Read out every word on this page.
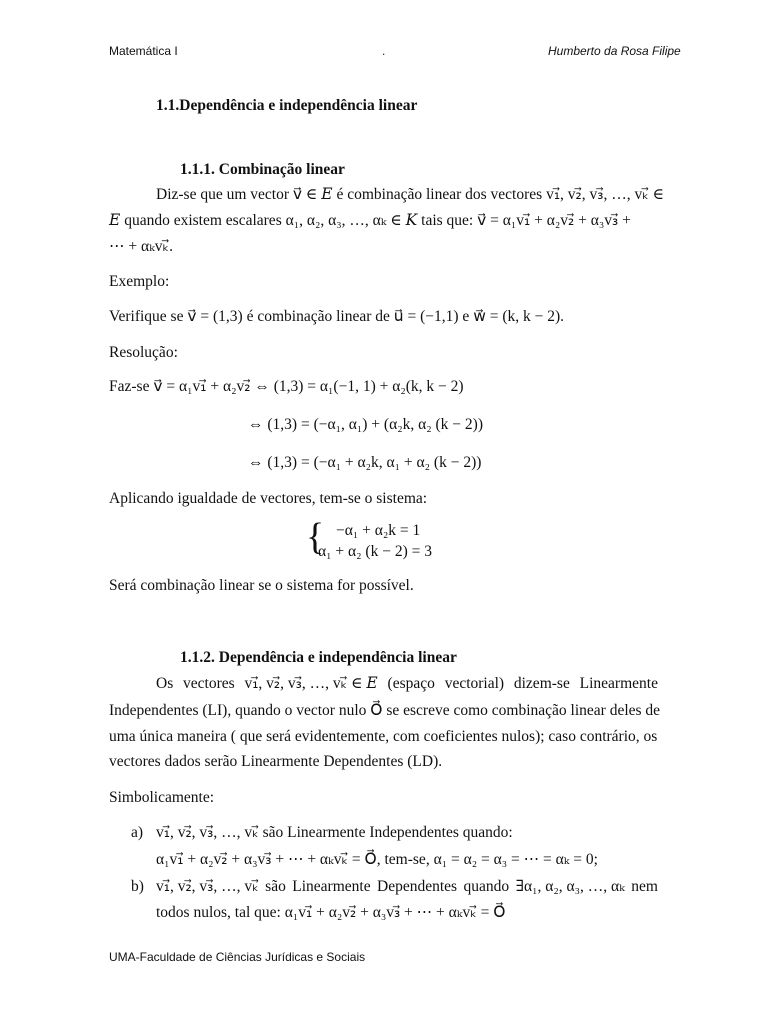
Matemática I	.	Humberto da Rosa Filipe
1.1.Dependência e independência linear
1.1.1. Combinação linear
Diz-se que um vector v⃗ ∈ 𝐸 é combinação linear dos vectores v₁⃗, v₂⃗, v₃⃗, …, vₖ⃗ ∈
𝐸 quando existem escalares α₁, α₂, α₃, …, αₖ ∈ 𝐾 tais que: v⃗ = α₁v₁⃗ + α₂v₂⃗ + α₃v₃⃗ +
⋯ + αₖvₖ⃗.
Exemplo:
Verifique se v⃗ = (1,3) é combinação linear de u⃗ = (−1,1) e w⃗ = (k, k − 2).
Resolução:
Faz-se v⃗ = α₁v₁⃗ + α₂v₂⃗ ⇔ (1,3) = α₁(−1, 1) + α₂(k, k − 2)
⇔ (1,3) = (−α₁, α₁) + (α₂k, α₂ (k − 2))
⇔ (1,3) = (−α₁ + α₂k, α₁ + α₂ (k − 2))
Aplicando igualdade de vectores, tem-se o sistema:
{ −α₁ + α₂k = 1
α₁ + α₂ (k − 2) = 3
Será combinação linear se o sistema for possível.
1.1.2. Dependência e independência linear
Os vectores v₁⃗, v₂⃗, v₃⃗, …, vₖ⃗ ∈ 𝐸 (espaço vectorial) dizem-se Linearmente
Independentes (LI), quando o vector nulo O⃗ se escreve como combinação linear deles de
uma única maneira ( que será evidentemente, com coeficientes nulos); caso contrário, os
vectores dados serão Linearmente Dependentes (LD).
Simbolicamente:
a) v₁⃗, v₂⃗, v₃⃗, …, vₖ⃗ são Linearmente Independentes quando:
α₁v₁⃗ + α₂v₂⃗ + α₃v₃⃗ + ⋯ + αₖvₖ⃗ = O⃗, tem-se, α₁ = α₂ = α₃ = ⋯ = αₖ = 0;
b) v₁⃗, v₂⃗, v₃⃗, …, vₖ⃗ são Linearmente Dependentes quando ∃α₁, α₂, α₃, …, αₖ nem
todos nulos, tal que: α₁v₁⃗ + α₂v₂⃗ + α₃v₃⃗ + ⋯ + αₖvₖ⃗ = O⃗
UMA-Faculdade de Ciências Jurídicas e Sociais
